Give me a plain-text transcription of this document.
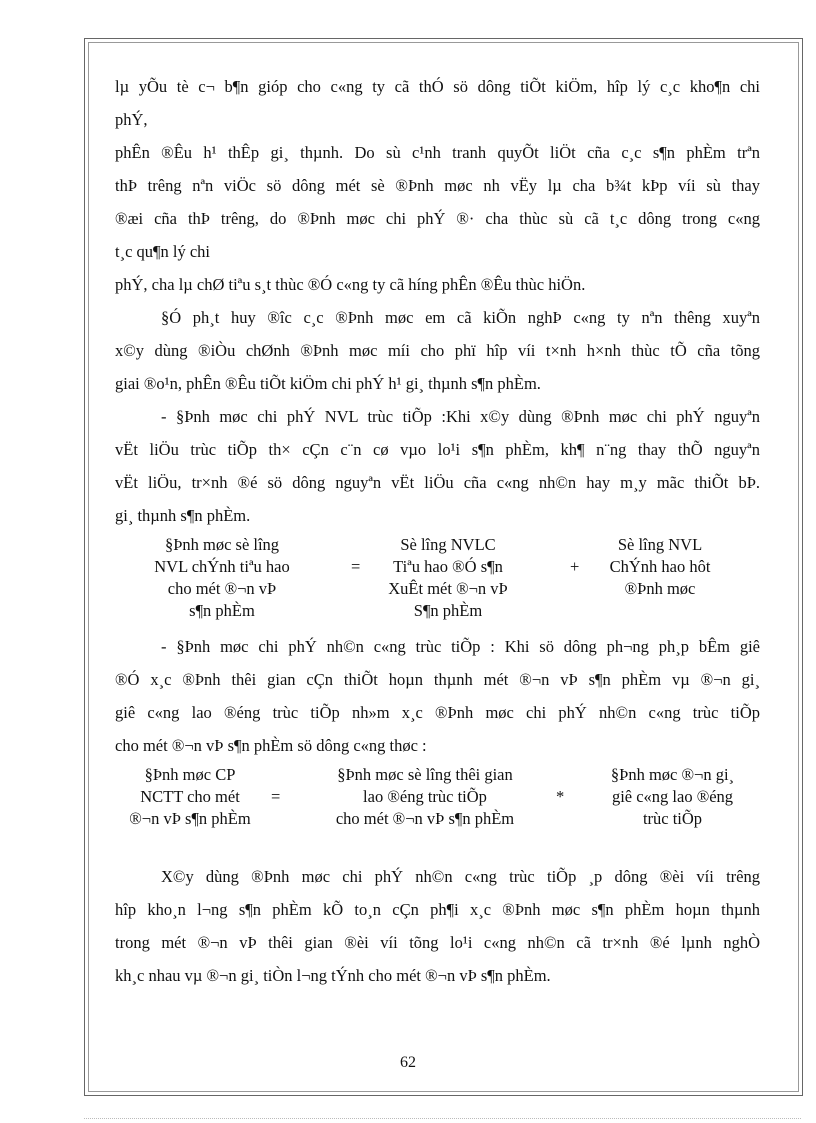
lµ yÕu tè c¬ b¶n gióp cho c«ng ty cã thÓ sö dông tiÕt kiÖm, hîp lý c¸c kho¶n chi
phÝ,
phÊn ®Êu h¹ thÊp gi¸ thµnh. Do sù c¹nh tranh quyÕt liÖt cña c¸c s¶n phÈm trªn
thÞ trêng nªn viÖc sö dông mét sè ®Þnh møc nh vËy lµ cha b¾t kÞp víi sù thay
®æi cña thÞ trêng, do ®Þnh møc chi phÝ ®· cha thùc sù cã t¸c dông trong c«ng
t¸c qu¶n lý chi
phÝ, cha lµ chØ tiªu s¸t thùc ®Ó c«ng ty cã híng phÊn ®Êu thùc hiÖn.
§Ó ph¸t huy ®îc c¸c ®Þnh møc em cã kiÕn nghÞ c«ng ty nªn thêng xuyªn
x©y dùng ®iÒu chØnh ®Þnh møc míi cho phï hîp víi t×nh h×nh thùc tÕ cña tõng
giai ®o¹n, phÊn ®Êu tiÕt kiÖm chi phÝ h¹ gi¸ thµnh s¶n phÈm.
- §Þnh møc chi phÝ NVL trùc tiÕp :Khi x©y dùng ®Þnh møc chi phÝ nguyªn
vËt liÖu trùc tiÕp th× cÇn c¨n cø vµo lo¹i s¶n phÈm, kh¶ n¨ng thay thÕ nguyªn
vËt liÖu, tr×nh ®é sö dông nguyªn vËt liÖu cña c«ng nh©n hay m¸y mãc thiÕt bÞ.
gi¸ thµnh s¶n phÈm.
§Þnh møc sè lîng
NVL chÝnh tiªu hao
cho mét ®¬n vÞ
s¶n phÈm
=
Sè lîng NVLC
Tiªu hao ®Ó s¶n
XuÊt mét ®¬n vÞ
S¶n phÈm
+
Sè lîng NVL
ChÝnh hao hôt
®Þnh møc
- §Þnh møc chi phÝ nh©n c«ng trùc tiÕp : Khi sö dông ph¬ng ph¸p bÊm giê
®Ó x¸c ®Þnh thêi gian cÇn thiÕt hoµn thµnh mét ®¬n vÞ s¶n phÈm vµ ®¬n gi¸
giê c«ng lao ®éng trùc tiÕp nh»m x¸c ®Þnh møc chi phÝ nh©n c«ng trùc tiÕp
cho mét ®¬n vÞ s¶n phÈm sö dông c«ng thøc :
§Þnh møc CP
NCTT cho mét
®¬n vÞ s¶n phÈm
=
§Þnh møc sè lîng thêi gian
lao ®éng trùc tiÕp
cho mét ®¬n vÞ s¶n phÈm
*
§Þnh møc ®¬n gi¸
giê c«ng lao ®éng
trùc tiÕp
X©y dùng ®Þnh møc chi phÝ nh©n c«ng trùc tiÕp ¸p dông ®èi víi trêng
hîp kho¸n l¬ng s¶n phÈm kÕ to¸n cÇn ph¶i x¸c ®Þnh møc s¶n phÈm hoµn thµnh
trong mét ®¬n vÞ thêi gian ®èi víi tõng lo¹i c«ng nh©n cã tr×nh ®é lµnh nghÒ
kh¸c nhau vµ ®¬n gi¸ tiÒn l¬ng tÝnh cho mét ®¬n vÞ s¶n phÈm.
62
